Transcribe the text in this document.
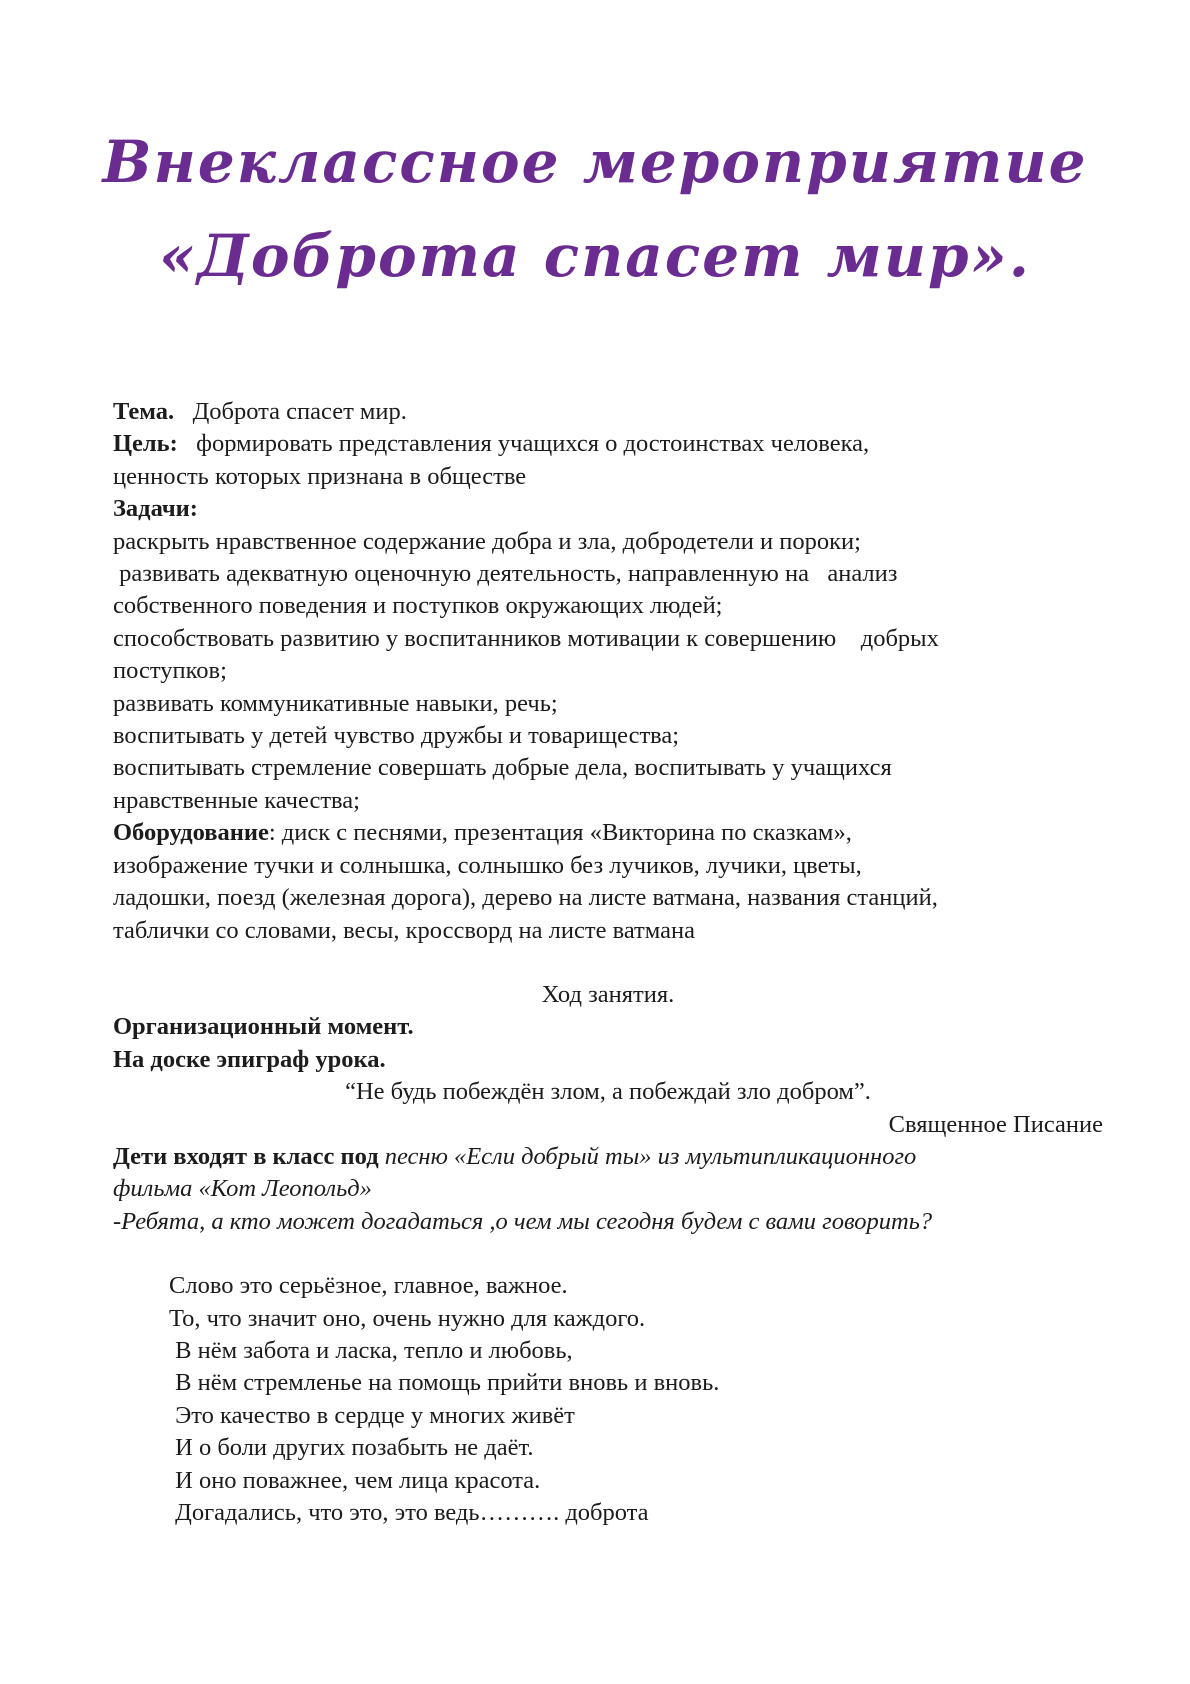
Внеклассное мероприятие
«Доброта спасет мир».

Тема. Доброта спасет мир.

Цель: формировать представления учащихся о достоинствах человека,

ценность которых признана в обществе

Задачи:

раскрыть нравственное содержание добра и зла, добродетели и пороки;

развивать адекватную оценочную деятельность, направленную на   анализ

собственного поведения и поступков окружающих людей;

способствовать развитию у воспитанников мотивации к совершению    добрых

поступков;

развивать коммуникативные навыки, речь;

воспитывать у детей чувство дружбы и товарищества;

воспитывать стремление совершать добрые дела, воспитывать у учащихся

нравственные качества;

Оборудование: диск с песнями, презентация «Викторина по сказкам»,

изображение тучки и солнышка, солнышко без лучиков, лучики, цветы,

ладошки, поезд (железная дорога), дерево на листе ватмана, названия станций,

таблички со словами, весы, кроссворд на листе ватмана

Ход занятия.

Организационный момент.

На доске эпиграф урока.

“Не будь побеждён злом, а побеждай зло добром”.

Священное Писание

Дети входят в класс под песню «Если добрый ты» из мультипликационного

фильма «Кот Леопольд»

-Ребята, а кто может догадаться ,о чем мы сегодня будем с вами говорить?

Слово это серьёзное, главное, важное.

То, что значит оно, очень нужно для каждого.

В нём забота и ласка, тепло и любовь,

В нём стремленье на помощь прийти вновь и вновь.

Это качество в сердце у многих живёт

И о боли других позабыть не даёт.

И оно поважнее, чем лица красота.

Догадались, что это, это ведь………. доброта
